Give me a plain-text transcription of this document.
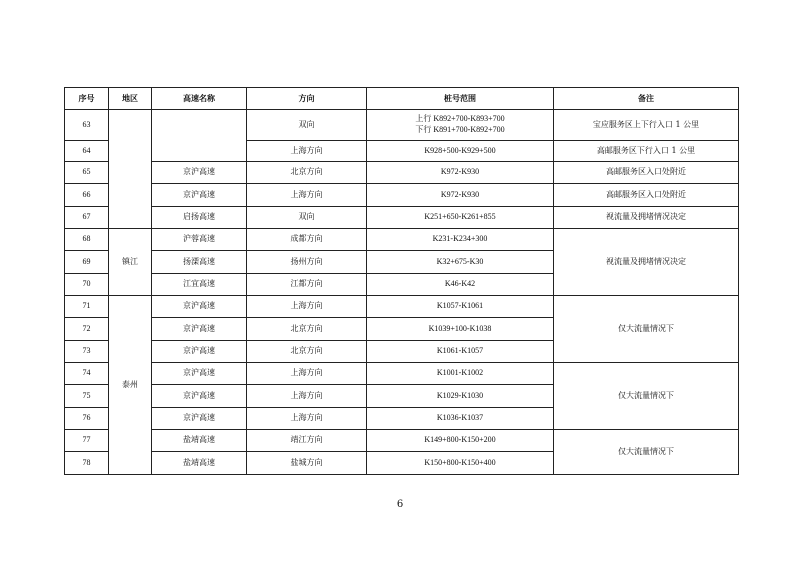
序号	地区	高速名称	方向	桩号范围	备注
63			双向	上行 K892+700-K893+700
下行 K891+700-K892+700	宝应服务区上下行入口 1 公里
64			上海方向	K928+500-K929+500	高邮服务区下行入口 1 公里
65		京沪高速	北京方向	K972-K930	高邮服务区入口处附近
66		京沪高速	上海方向	K972-K930	高邮服务区入口处附近
67		启扬高速	双向	K251+650-K261+855	视流量及拥堵情况决定
68	镇江	沪蓉高速	成都方向	K231-K234+300	视流量及拥堵情况决定
69		扬溧高速	扬州方向	K32+675-K30	
70		江宜高速	江都方向	K46-K42	
71	泰州	京沪高速	上海方向	K1057-K1061	仅大流量情况下
72		京沪高速	北京方向	K1039+100-K1038	
73		京沪高速	北京方向	K1061-K1057	
74		京沪高速	上海方向	K1001-K1002	仅大流量情况下
75		京沪高速	上海方向	K1029-K1030	
76		京沪高速	上海方向	K1036-K1037	
77		盐靖高速	靖江方向	K149+800-K150+200	仅大流量情况下
78		盐靖高速	盐城方向	K150+800-K150+400	
6
